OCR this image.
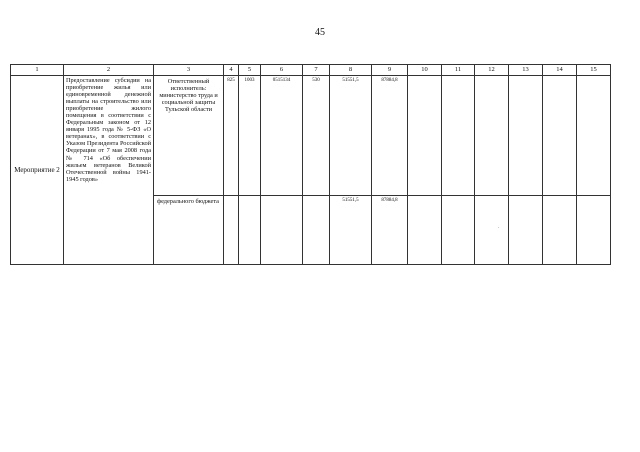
45
1	2	3	4	5	6	7	8	9	10	11	12	13	14	15
Мероприятие 2	Предоставление субсидии на приобретение жилья или единовременной денежной выплаты на строительство или приобретение жилого помещения в соответствии с Федеральным законом от 12 января 1995 года № 5-ФЗ «О ветеранах», в соответствии с Указом Президента Российской Федерации от 7 мая 2008 года № 714 «Об обеспечении жильем ветеранов Великой Отечественной войны 1941-1945 годов»	Ответственный исполнитель: министерство труда и социальной защиты Тульской области	825	1003	0515134	530	51551,5	87884,8						
		федерального бюджета					51551,5	87884,8						
.
